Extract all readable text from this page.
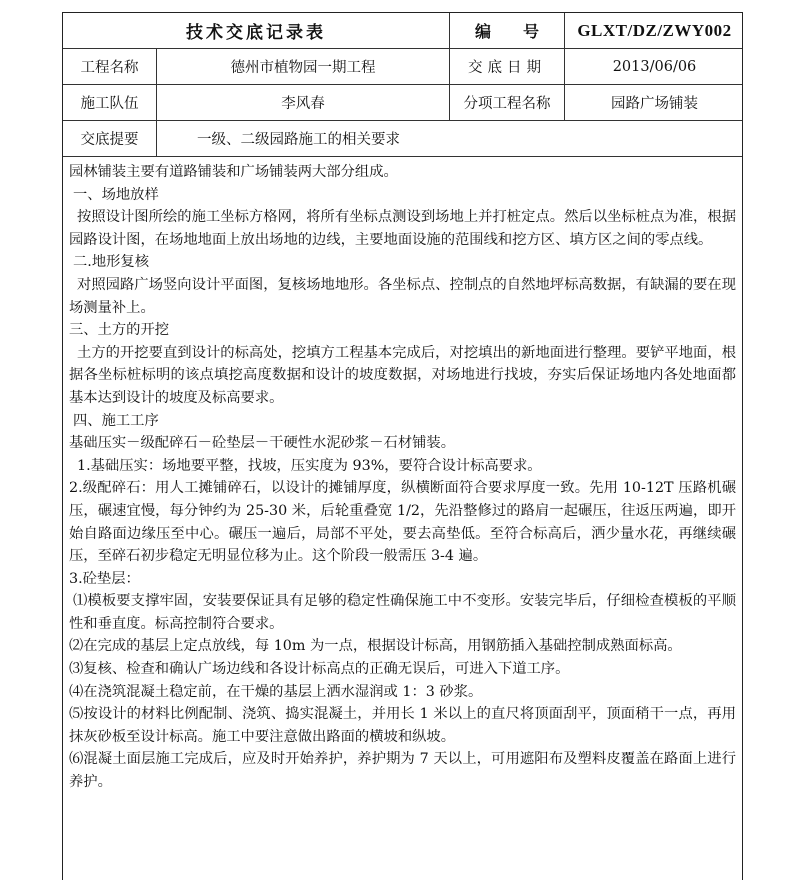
技术交底记录表	编　　号	GLXT/DZ/ZWY002
工程名称	德州市植物园一期工程	交底日期	2013/06/06
施工队伍	李风春	分项工程名称	园路广场铺装
交底提要	一级、二级园路施工的相关要求

园林铺装主要有道路铺装和广场铺装两大部分组成。

一、场地放样

按照设计图所绘的施工坐标方格网，将所有坐标点测设到场地上并打桩定点。然后以坐标桩点为准，根据园路设计图，在场地地面上放出场地的边线，主要地面设施的范围线和挖方区、填方区之间的零点线。

二.地形复核

对照园路广场竖向设计平面图，复核场地地形。各坐标点、控制点的自然地坪标高数据，有缺漏的要在现场测量补上。

三、土方的开挖

土方的开挖要直到设计的标高处，挖填方工程基本完成后，对挖填出的新地面进行整理。要铲平地面，根据各坐标桩标明的该点填挖高度数据和设计的坡度数据，对场地进行找坡，夯实后保证场地内各处地面都基本达到设计的坡度及标高要求。

四、施工工序

基础压实－级配碎石－砼垫层－干硬性水泥砂浆－石材铺装。

1.基础压实：场地要平整，找坡，压实度为 93%，要符合设计标高要求。

2.级配碎石：用人工摊铺碎石，以设计的摊铺厚度，纵横断面符合要求厚度一致。先用 10-12T 压路机碾压，碾速宜慢，每分钟约为 25-30 米，后轮重叠宽 1/2，先沿整修过的路肩一起碾压，往返压两遍，即开始自路面边缘压至中心。碾压一遍后，局部不平处，要去高垫低。至符合标高后，洒少量水花，再继续碾压，至碎石初步稳定无明显位移为止。这个阶段一般需压 3-4 遍。

3.砼垫层：

⑴模板要支撑牢固，安装要保证具有足够的稳定性确保施工中不变形。安装完毕后，仔细检查模板的平顺性和垂直度。标高控制符合要求。

⑵在完成的基层上定点放线，每 10m 为一点，根据设计标高，用钢筋插入基础控制成熟面标高。

⑶复核、检查和确认广场边线和各设计标高点的正确无误后，可进入下道工序。

⑷在浇筑混凝土稳定前，在干燥的基层上洒水湿润或 1：3 砂浆。

⑸按设计的材料比例配制、浇筑、捣实混凝土，并用长 1 米以上的直尺将顶面刮平，顶面稍干一点，再用抹灰砂板至设计标高。施工中要注意做出路面的横坡和纵坡。

⑹混凝土面层施工完成后，应及时开始养护，养护期为 7 天以上，可用遮阳布及塑料皮覆盖在路面上进行养护。
